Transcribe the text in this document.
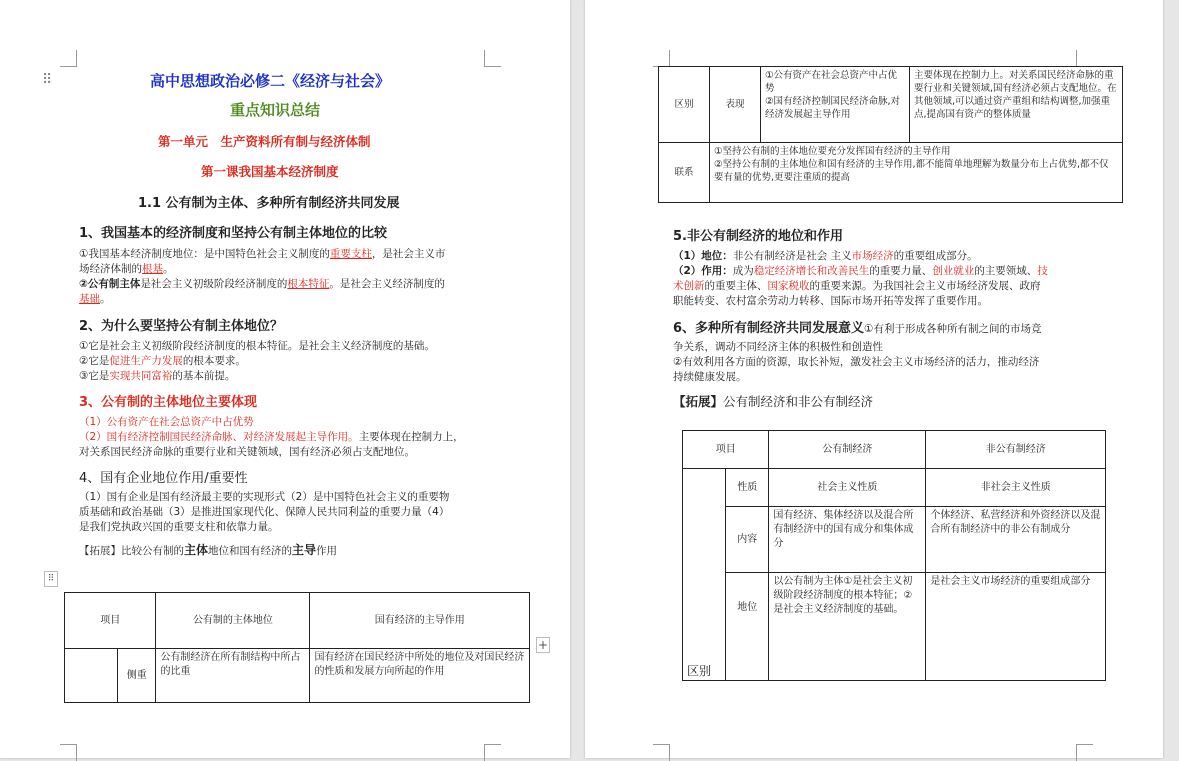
⠿	高中思想政治必修二《经济与社会》
重点知识总结
第一单元　生产资料所有制与经济体制
第一课我国基本经济制度
1.1 公有制为主体、多种所有制经济共同发展
1、我国基本的经济制度和坚持公有制主体地位的比较
①我国基本经济制度地位：是中国特色社会主义制度的重要支柱，是社会主义市
场经济体制的根基。
②公有制主体是社会主义初级阶段经济制度的根本特征。是社会主义经济制度的
基础。
2、为什么要坚持公有制主体地位？
①它是社会主义初级阶段经济制度的根本特征。是社会主义经济制度的基础。
②它是促进生产力发展的根本要求。
③它是实现共同富裕的基本前提。
3、公有制的主体地位主要体现
（1）公有资产在社会总资产中占优势
（2）国有经济控制国民经济命脉、对经济发展起主导作用。主要体现在控制力上，
对关系国民经济命脉的重要行业和关键领域，国有经济必须占支配地位。
4、国有企业地位作用/重要性
（1）国有企业是国有经济最主要的实现形式（2）是中国特色社会主义的重要物
质基础和政治基础（3）是推进国家现代化、保障人民共同利益的重要力量（4）
是我们党执政兴国的重要支柱和依靠力量。
【拓展】比较公有制的主体地位和国有经济的主导作用
⠿
项目		公有制的主体地位	国有经济的主导作用
	侧重	公有制经济在所有制结构中所占的比重	国有经济在国民经济中所处的地位及对国民经济的性质和发展方向所起的作用
+
区别	表现	①公有资产在社会总资产中占优势
②国有经济控制国民经济命脉,对经济发展起主导作用	主要体现在控制力上。对关系国民经济命脉的重要行业和关键领域,国有经济必须占支配地位。在其他领域,可以通过资产重组和结构调整,加强重点,提高国有资产的整体质量
联系	①坚持公有制的主体地位要充分发挥国有经济的主导作用
②坚持公有制的主体地位和国有经济的主导作用,都不能简单地理解为数量分布上占优势,都不仅要有量的优势,更要注重质的提高		
5.非公有制经济的地位和作用
（1）地位：非公有制经济是社会 主义市场经济的重要组成部分。
（2）作用：成为稳定经济增长和改善民生的重要力量、创业就业的主要领域、技
术创新的重要主体、国家税收的重要来源。为我国社会主义市场经济发展、政府
职能转变、农村富余劳动力转移、国际市场开拓等发挥了重要作用。
6、多种所有制经济共同发展意义①有利于形成各种所有制之间的市场竞
争关系，调动不同经济主体的积极性和创造性
②有效利用各方面的资源，取长补短，激发社会主义市场经济的活力，推动经济
持续健康发展。
【拓展】公有制经济和非公有制经济
项目		公有制经济	非公有制经济
区别	性质	社会主义性质	非社会主义性质
	内容	国有经济、集体经济以及混合所有制经济中的国有成分和集体成分	个体经济、私营经济和外资经济以及混合所有制经济中的非公有制成分
	地位	以公有制为主体①是社会主义初级阶段经济制度的根本特征；②是社会主义经济制度的基础。	是社会主义市场经济的重要组成部分
